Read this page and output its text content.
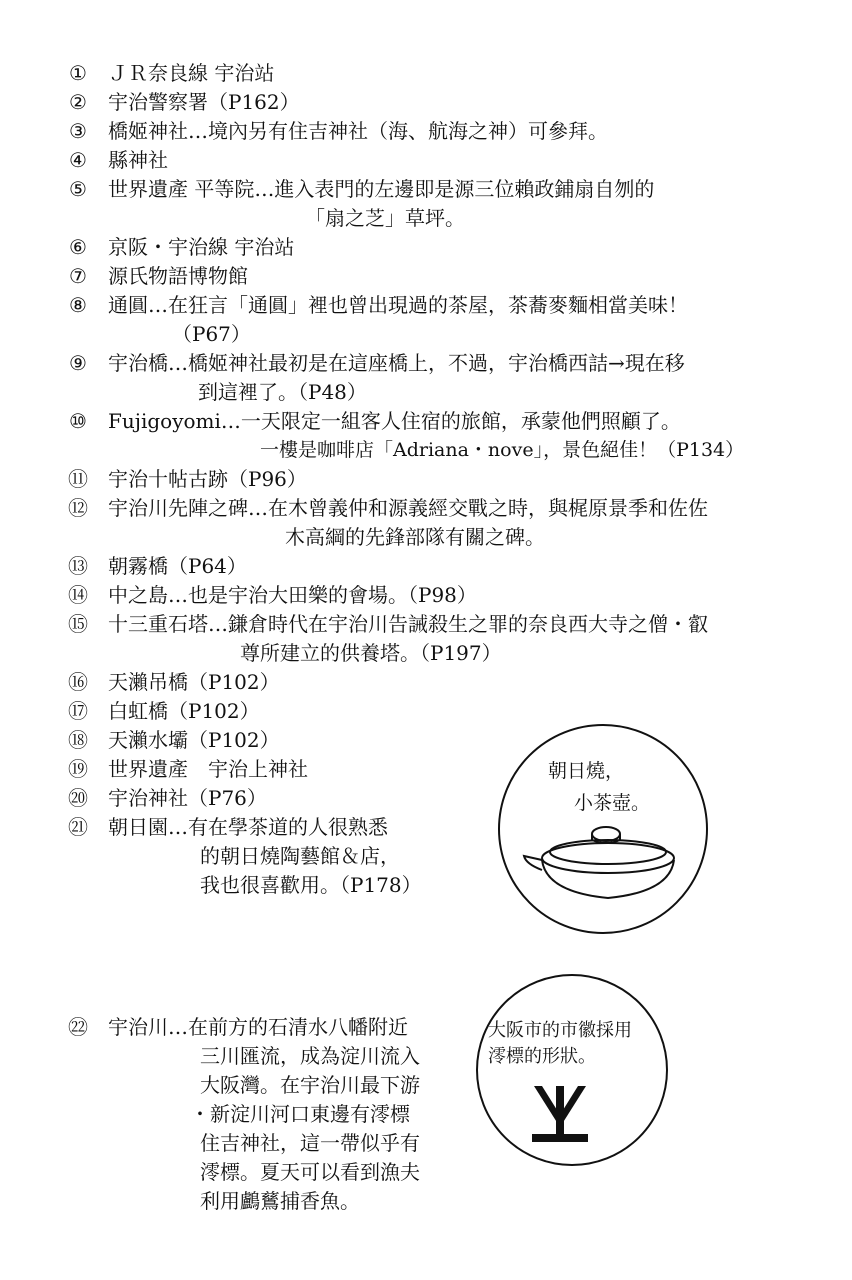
① ＪＲ奈良線 宇治站
② 宇治警察署（P162）
③ 橋姬神社…境內另有住吉神社（海、航海之神）可參拜。
④ 縣神社
⑤ 世界遺產 平等院…進入表門的左邊即是源三位賴政鋪扇自刎的
「扇之芝」草坪。
⑥ 京阪・宇治線 宇治站
⑦ 源氏物語博物館
⑧ 通圓…在狂言「通圓」裡也曾出現過的茶屋，茶蕎麥麵相當美味！
（P67）
⑨ 宇治橋…橋姬神社最初是在這座橋上，不過，宇治橋西詰→現在移
到這裡了。（P48）
⑩ Fujigoyomi…一天限定一組客人住宿的旅館，承蒙他們照顧了。
一樓是咖啡店「Adriana・nove」，景色絕佳！（P134）
⑪ 宇治十帖古跡（P96）
⑫ 宇治川先陣之碑…在木曾義仲和源義經交戰之時，與梶原景季和佐佐
木高綱的先鋒部隊有關之碑。
⑬ 朝霧橋（P64）
⑭ 中之島…也是宇治大田樂的會場。（P98）
⑮ 十三重石塔…鎌倉時代在宇治川告誡殺生之罪的奈良西大寺之僧・叡
尊所建立的供養塔。（P197）
⑯ 天瀨吊橋（P102）
⑰ 白虹橋（P102）
⑱ 天瀨水壩（P102）
⑲ 世界遺產　宇治上神社
⑳ 宇治神社（P76）
㉑ 朝日園…有在學茶道的人很熟悉
的朝日燒陶藝館＆店，
我也很喜歡用。（P178）
㉒ 宇治川…在前方的石清水八幡附近
三川匯流，成為淀川流入
大阪灣。在宇治川最下游
・新淀川河口東邊有澪標
住吉神社，這一帶似乎有
澪標。夏天可以看到漁夫
利用鸕鶿捕香魚。
朝日燒，
小茶壺。
大阪市的市徽採用
澪標的形狀。
